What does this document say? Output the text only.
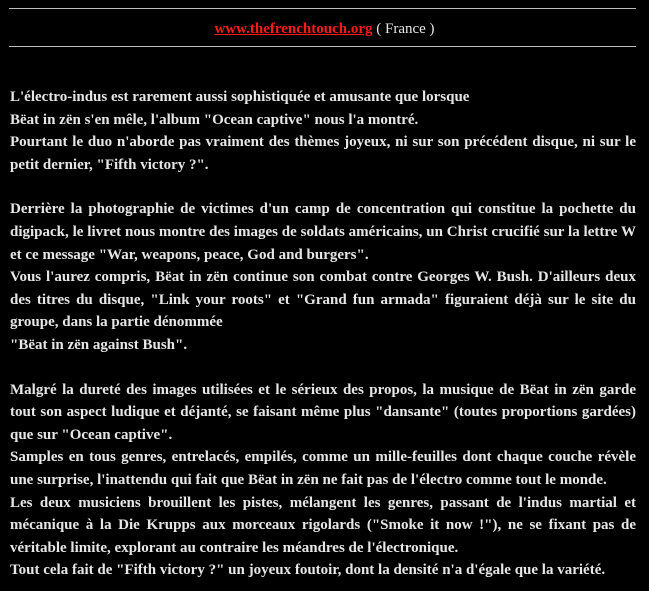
www.thefrenchtouch.org ( France )

L'électro-indus est rarement aussi sophistiquée et amusante que lorsque
Bëat in zën s'en mêle, l'album "Ocean captive" nous l'a montré.
Pourtant le duo n'aborde pas vraiment des thèmes joyeux, ni sur son précédent disque, ni sur le petit dernier, "Fifth victory ?".

Derrière la photographie de victimes d'un camp de concentration qui constitue la pochette du digipack, le livret nous montre des images de soldats américains, un Christ crucifié sur la lettre W et ce message "War, weapons, peace, God and burgers".
Vous l'aurez compris, Bëat in zën continue son combat contre Georges W. Bush. D'ailleurs deux des titres du disque, "Link your roots" et "Grand fun armada" figuraient déjà sur le site du groupe, dans la partie dénommée
"Bëat in zën against Bush".

Malgré la dureté des images utilisées et le sérieux des propos, la musique de Bëat in zën garde tout son aspect ludique et déjanté, se faisant même plus "dansante" (toutes proportions gardées) que sur "Ocean captive".
Samples en tous genres, entrelacés, empilés, comme un mille-feuilles dont chaque couche révèle une surprise, l'inattendu qui fait que Bëat in zën ne fait pas de l'électro comme tout le monde.
Les deux musiciens brouillent les pistes, mélangent les genres, passant de l'indus martial et mécanique à la Die Krupps aux morceaux rigolards ("Smoke it now !"), ne se fixant pas de véritable limite, explorant au contraire les méandres de l'électronique.
Tout cela fait de "Fifth victory ?" un joyeux foutoir, dont la densité n'a d'égale que la variété.
